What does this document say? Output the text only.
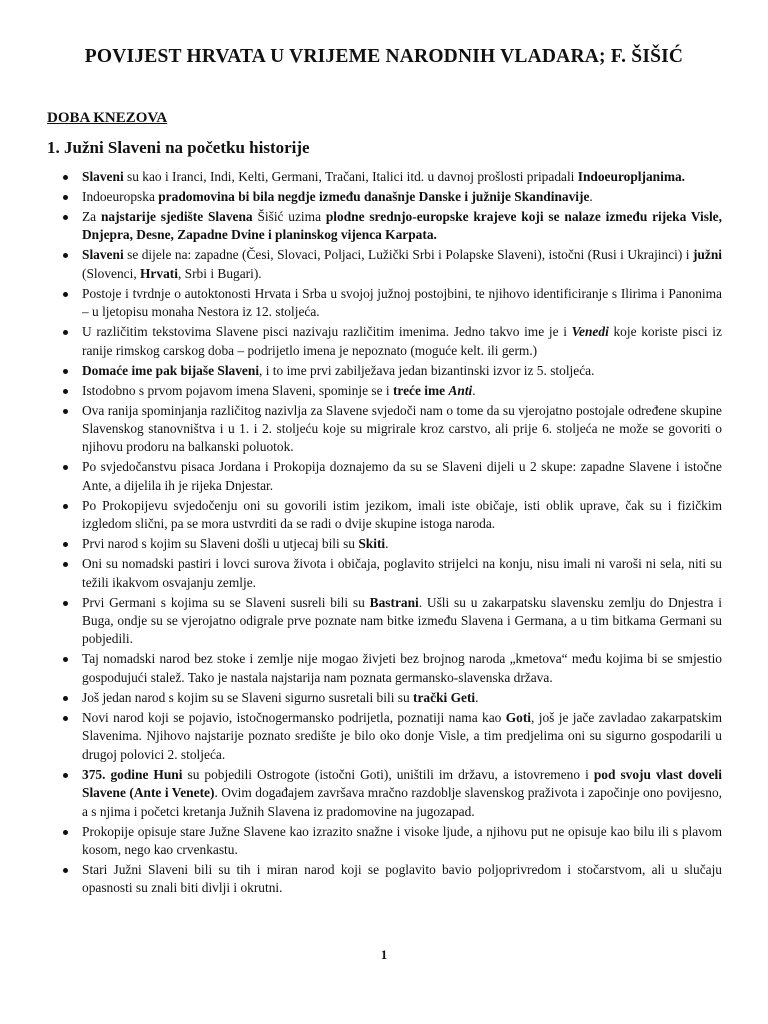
POVIJEST HRVATA U VRIJEME NARODNIH VLADARA; F. ŠIŠIĆ
DOBA KNEZOVA
1. Južni Slaveni na početku historije
Slaveni su kao i Iranci, Indi, Kelti, Germani, Tračani, Italici itd. u davnoj prošlosti pripadali Indoeuropljanima.
Indoeuropska pradomovina bi bila negdje između današnje Danske i južnije Skandinavije.
Za najstarije sjedište Slavena Šišić uzima plodne srednjo-europske krajeve koji se nalaze između rijeka Visle, Dnjepra, Desne, Zapadne Dvine i planinskog vijenca Karpata.
Slaveni se dijele na: zapadne (Česi, Slovaci, Poljaci, Lužički Srbi i Polapske Slaveni), istočni (Rusi i Ukrajinci) i južni (Slovenci, Hrvati, Srbi i Bugari).
Postoje i tvrdnje o autoktonosti Hrvata i Srba u svojoj južnoj postojbini, te njihovo identificiranje s Ilirima i Panonima – u ljetopisu monaha Nestora iz 12. stoljeća.
U različitim tekstovima Slavene pisci nazivaju različitim imenima. Jedno takvo ime je i Venedi koje koriste pisci iz ranije rimskog carskog doba – podrijetlo imena je nepoznato (moguće kelt. ili germ.)
Domaće ime pak bijaše Slaveni, i to ime prvi zabilježava jedan bizantinski izvor iz 5. stoljeća.
Istodobno s prvom pojavom imena Slaveni, spominje se i treće ime Anti.
Ova ranija spominjanja različitog nazivlja za Slavene svjedoči nam o tome da su vjerojatno postojale određene skupine Slavenskog stanovništva i u 1. i 2. stoljeću koje su migrirale kroz carstvo, ali prije 6. stoljeća ne može se govoriti o njihovu prodoru na balkanski poluotok.
Po svjedočanstvu pisaca Jordana i Prokopija doznajemo da su se Slaveni dijeli u 2 skupe: zapadne Slavene i istočne Ante, a dijelila ih je rijeka Dnjestar.
Po Prokopijevu svjedočenju oni su govorili istim jezikom, imali iste običaje, isti oblik uprave, čak su i fizičkim izgledom slični, pa se mora ustvrditi da se radi o dvije skupine istoga naroda.
Prvi narod s kojim su Slaveni došli u utjecaj bili su Skiti.
Oni su nomadski pastiri i lovci surova života i običaja, poglavito strijelci na konju, nisu imali ni varoši ni sela, niti su težili ikakvom osvajanju zemlje.
Prvi Germani s kojima su se Slaveni susreli bili su Bastrani. Ušli su u zakarpatsku slavensku zemlju do Dnjestra i Buga, ondje su se vjerojatno odigrale prve poznate nam bitke između Slavena i Germana, a u tim bitkama Germani su pobjedili.
Taj nomadski narod bez stoke i zemlje nije mogao živjeti bez brojnog naroda „kmetova“ među kojima bi se smjestio gospodujući stalež. Tako je nastala najstarija nam poznata germansko-slavenska država.
Još jedan narod s kojim su se Slaveni sigurno susretali bili su trački Geti.
Novi narod koji se pojavio, istočnogermansko podrijetla, poznatiji nama kao Goti, još je jače zavladao zakarpatskim Slavenima. Njihovo najstarije poznato središte je bilo oko donje Visle, a tim predjelima oni su sigurno gospodarili u drugoj polovici 2. stoljeća.
375. godine Huni su pobjedili Ostrogote (istočni Goti), uništili im državu, a istovremeno i pod svoju vlast doveli Slavene (Ante i Venete). Ovim događajem završava mračno razdoblje slavenskog praživota i započinje ono povijesno, a s njima i početci kretanja Južnih Slavena iz pradomovine na jugozapad.
Prokopije opisuje stare Južne Slavene kao izrazito snažne i visoke ljude, a njihovu put ne opisuje kao bilu ili s plavom kosom, nego kao crvenkastu.
Stari Južni Slaveni bili su tih i miran narod koji se poglavito bavio poljoprivredom i stočarstvom, ali u slučaju opasnosti su znali biti divlji i okrutni.
1
